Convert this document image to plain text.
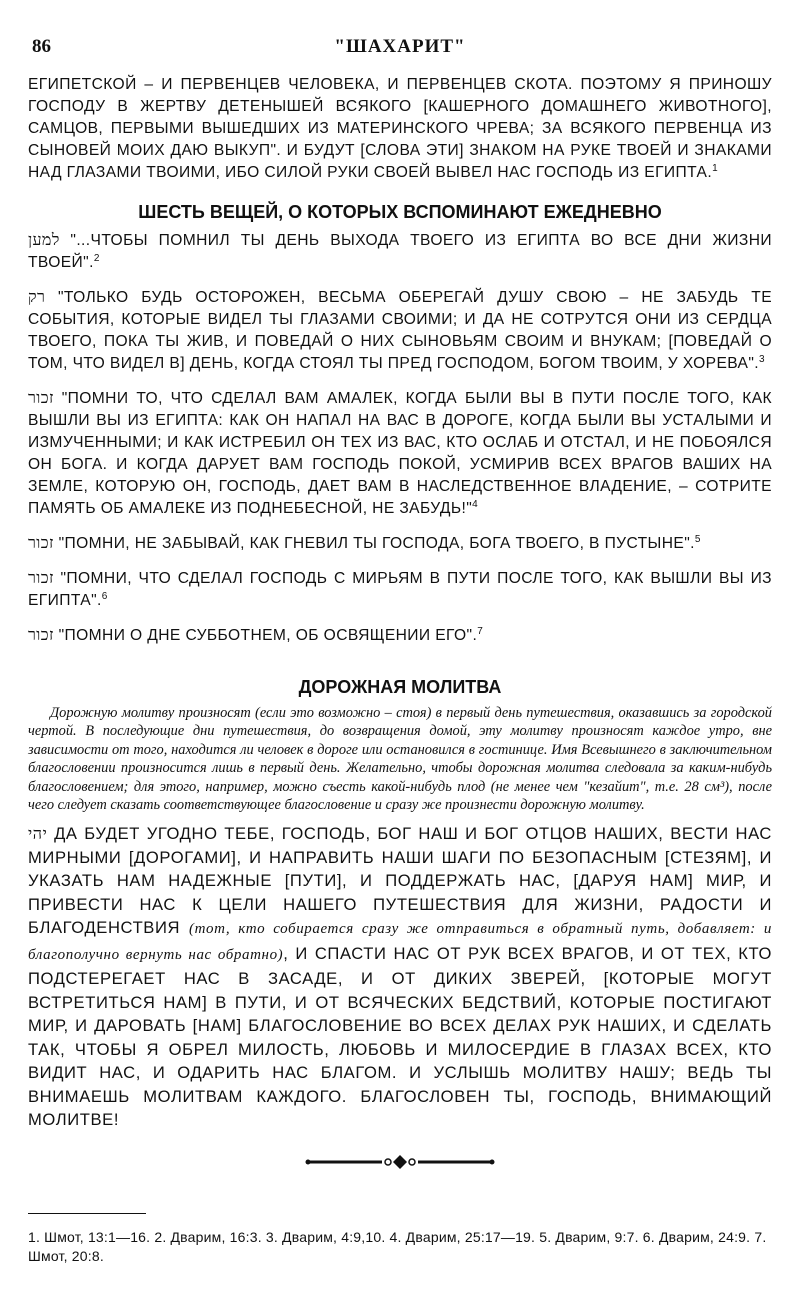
86	"ШАХАРИТ"

ЕГИПЕТСКОЙ – И ПЕРВЕНЦЕВ ЧЕЛОВЕКА, И ПЕРВЕНЦЕВ СКОТА. ПОЭТОМУ Я ПРИНОШУ ГОСПОДУ В ЖЕРТВУ ДЕТЕНЫШЕЙ ВСЯКОГО [КАШЕРНОГО ДОМАШНЕГО ЖИВОТНОГО], САМЦОВ, ПЕРВЫМИ ВЫШЕДШИХ ИЗ МАТЕРИНСКОГО ЧРЕВА; ЗА ВСЯКОГО ПЕРВЕНЦА ИЗ СЫНОВЕЙ МОИХ ДАЮ ВЫКУП". И БУДУТ [СЛОВА ЭТИ] ЗНАКОМ НА РУКЕ ТВОЕЙ И ЗНАКАМИ НАД ГЛАЗАМИ ТВОИМИ, ИБО СИЛОЙ РУКИ СВОЕЙ ВЫВЕЛ НАС ГОСПОДЬ ИЗ ЕГИПТА.$^1$

ШЕСТЬ ВЕЩЕЙ, О КОТОРЫХ ВСПОМИНАЮТ ЕЖЕДНЕВНО

למען "...ЧТОБЫ ПОМНИЛ ТЫ ДЕНЬ ВЫХОДА ТВОЕГО ИЗ ЕГИПТА ВО ВСЕ ДНИ ЖИЗНИ ТВОЕЙ".$^2$

רק "ТОЛЬКО БУДЬ ОСТОРОЖЕН, ВЕСЬМА ОБЕРЕГАЙ ДУШУ СВОЮ – НЕ ЗАБУДЬ ТЕ СОБЫТИЯ, КОТОРЫЕ ВИДЕЛ ТЫ ГЛАЗАМИ СВОИМИ; И ДА НЕ СОТРУТСЯ ОНИ ИЗ СЕРДЦА ТВОЕГО, ПОКА ТЫ ЖИВ, И ПОВЕДАЙ О НИХ СЫНОВЬЯМ СВОИМ И ВНУКАМ; [ПОВЕДАЙ О ТОМ, ЧТО ВИДЕЛ В] ДЕНЬ, КОГДА СТОЯЛ ТЫ ПРЕД ГОСПОДОМ, БОГОМ ТВОИМ, У ХОРЕВА".$^3$

זכור "ПОМНИ ТО, ЧТО СДЕЛАЛ ВАМ АМАЛЕК, КОГДА БЫЛИ ВЫ В ПУТИ ПОСЛЕ ТОГО, КАК ВЫШЛИ ВЫ ИЗ ЕГИПТА: КАК ОН НАПАЛ НА ВАС В ДОРОГЕ, КОГДА БЫЛИ ВЫ УСТАЛЫМИ И ИЗМУЧЕННЫМИ; И КАК ИСТРЕБИЛ ОН ТЕХ ИЗ ВАС, КТО ОСЛАБ И ОТСТАЛ, И НЕ ПОБОЯЛСЯ ОН БОГА. И КОГДА ДАРУЕТ ВАМ ГОСПОДЬ ПОКОЙ, УСМИРИВ ВСЕХ ВРАГОВ ВАШИХ НА ЗЕМЛЕ, КОТОРУЮ ОН, ГОСПОДЬ, ДАЕТ ВАМ В НАСЛЕДСТВЕННОЕ ВЛАДЕНИЕ, – СОТРИТЕ ПАМЯТЬ ОБ АМАЛЕКЕ ИЗ ПОДНЕБЕСНОЙ, НЕ ЗАБУДЬ!"$^4$

זכור "ПОМНИ, НЕ ЗАБЫВАЙ, КАК ГНЕВИЛ ТЫ ГОСПОДА, БОГА ТВОЕГО, В ПУСТЫНЕ".$^5$

זכור "ПОМНИ, ЧТО СДЕЛАЛ ГОСПОДЬ С МИРЬЯМ В ПУТИ ПОСЛЕ ТОГО, КАК ВЫШЛИ ВЫ ИЗ ЕГИПТА".$^6$

זכור "ПОМНИ О ДНЕ СУББОТНЕМ, ОБ ОСВЯЩЕНИИ ЕГО".$^7$

ДОРОЖНАЯ МОЛИТВА

Дорожную молитву произносят (если это возможно – стоя) в первый день путешествия, оказавшись за городской чертой. В последующие дни путешествия, до возвращения домой, эту молитву произносят каждое утро, вне зависимости от того, находится ли человек в дороге или остановился в гостинице. Имя Всевышнего в заключительном благословении произносится лишь в первый день. Желательно, чтобы дорожная молитва следовала за каким-нибудь благословением; для этого, например, можно съесть какой-нибудь плод (не менее чем "кезайит", т.е. 28 см³), после чего следует сказать соответствующее благословение и сразу же произнести дорожную молитву.

יהי ДА БУДЕТ УГОДНО ТЕБЕ, ГОСПОДЬ, БОГ НАШ И БОГ ОТЦОВ НАШИХ, ВЕСТИ НАС МИРНЫМИ [ДОРОГАМИ], И НАПРАВИТЬ НАШИ ШАГИ ПО БЕЗОПАСНЫМ [СТЕЗЯМ], И УКАЗАТЬ НАМ НАДЕЖНЫЕ [ПУТИ], И ПОДДЕРЖАТЬ НАС, [ДАРУЯ НАМ] МИР, И ПРИВЕСТИ НАС К ЦЕЛИ НАШЕГО ПУТЕШЕСТВИЯ ДЛЯ ЖИЗНИ, РАДОСТИ И БЛАГОДЕНСТВИЯ (тот, кто собирается сразу же отправиться в обратный путь, добавляет: и благополучно вернуть нас обратно), И СПАСТИ НАС ОТ РУК ВСЕХ ВРАГОВ, И ОТ ТЕХ, КТО ПОДСТЕРЕГАЕТ НАС В ЗАСАДЕ, И ОТ ДИКИХ ЗВЕРЕЙ, [КОТОРЫЕ МОГУТ ВСТРЕТИТЬСЯ НАМ] В ПУТИ, И ОТ ВСЯЧЕСКИХ БЕДСТВИЙ, КОТОРЫЕ ПОСТИГАЮТ МИР, И ДАРОВАТЬ [НАМ] БЛАГОСЛОВЕНИЕ ВО ВСЕХ ДЕЛАХ РУК НАШИХ, И СДЕЛАТЬ ТАК, ЧТОБЫ Я ОБРЕЛ МИЛОСТЬ, ЛЮБОВЬ И МИЛОСЕРДИЕ В ГЛАЗАХ ВСЕХ, КТО ВИДИТ НАС, И ОДАРИТЬ НАС БЛАГОМ. И УСЛЫШЬ МОЛИТВУ НАШУ; ВЕДЬ ТЫ ВНИМАЕШЬ МОЛИТВАМ КАЖДОГО. БЛАГОСЛОВЕН ТЫ, ГОСПОДЬ, ВНИМАЮЩИЙ МОЛИТВЕ!

1. Шмот, 13:1—16. 2. Дварим, 16:3. 3. Дварим, 4:9,10. 4. Дварим, 25:17—19. 5. Дварим, 9:7. 6. Дварим, 24:9. 7. Шмот, 20:8.
